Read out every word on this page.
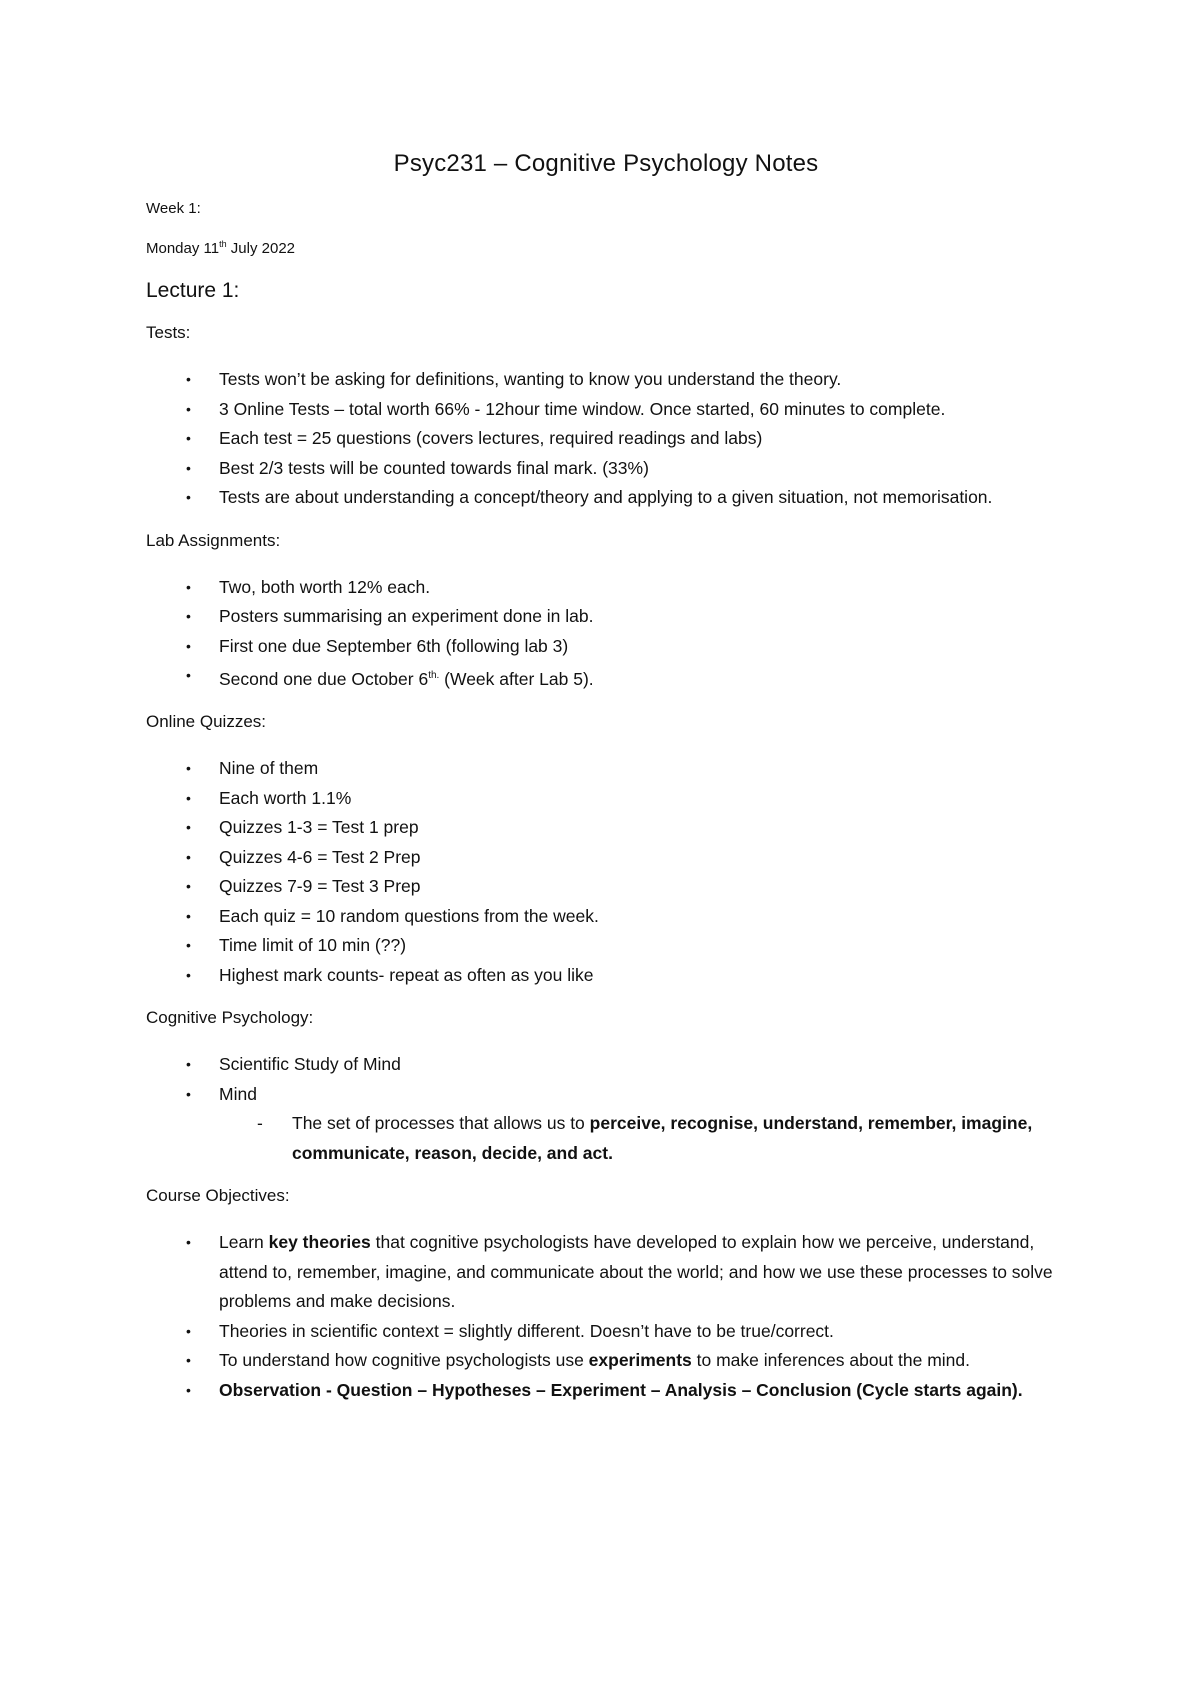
Psyc231 – Cognitive Psychology Notes
Week 1:
Monday 11th July 2022
Lecture 1:
Tests:
• Tests won’t be asking for definitions, wanting to know you understand the theory.
• 3 Online Tests – total worth 66% - 12hour time window. Once started, 60 minutes to complete.
• Each test = 25 questions (covers lectures, required readings and labs)
• Best 2/3 tests will be counted towards final mark. (33%)
• Tests are about understanding a concept/theory and applying to a given situation, not memorisation.
Lab Assignments:
• Two, both worth 12% each.
• Posters summarising an experiment done in lab.
• First one due September 6th (following lab 3)
• Second one due October $6^{th.}$ (Week after Lab 5).
Online Quizzes:
• Nine of them
• Each worth 1.1%
• Quizzes 1-3 = Test 1 prep
• Quizzes 4-6 = Test 2 Prep
• Quizzes 7-9 = Test 3 Prep
• Each quiz = 10 random questions from the week.
• Time limit of 10 min (??)
• Highest mark counts- repeat as often as you like
Cognitive Psychology:
• Scientific Study of Mind
• Mind
- The set of processes that allows us to perceive, recognise, understand, remember, imagine, communicate, reason, decide, and act.
Course Objectives:
• Learn key theories that cognitive psychologists have developed to explain how we perceive, understand, attend to, remember, imagine, and communicate about the world; and how we use these processes to solve problems and make decisions.
• Theories in scientific context = slightly different. Doesn’t have to be true/correct.
• To understand how cognitive psychologists use experiments to make inferences about the mind.
• Observation - Question – Hypotheses – Experiment – Analysis – Conclusion (Cycle starts again).
